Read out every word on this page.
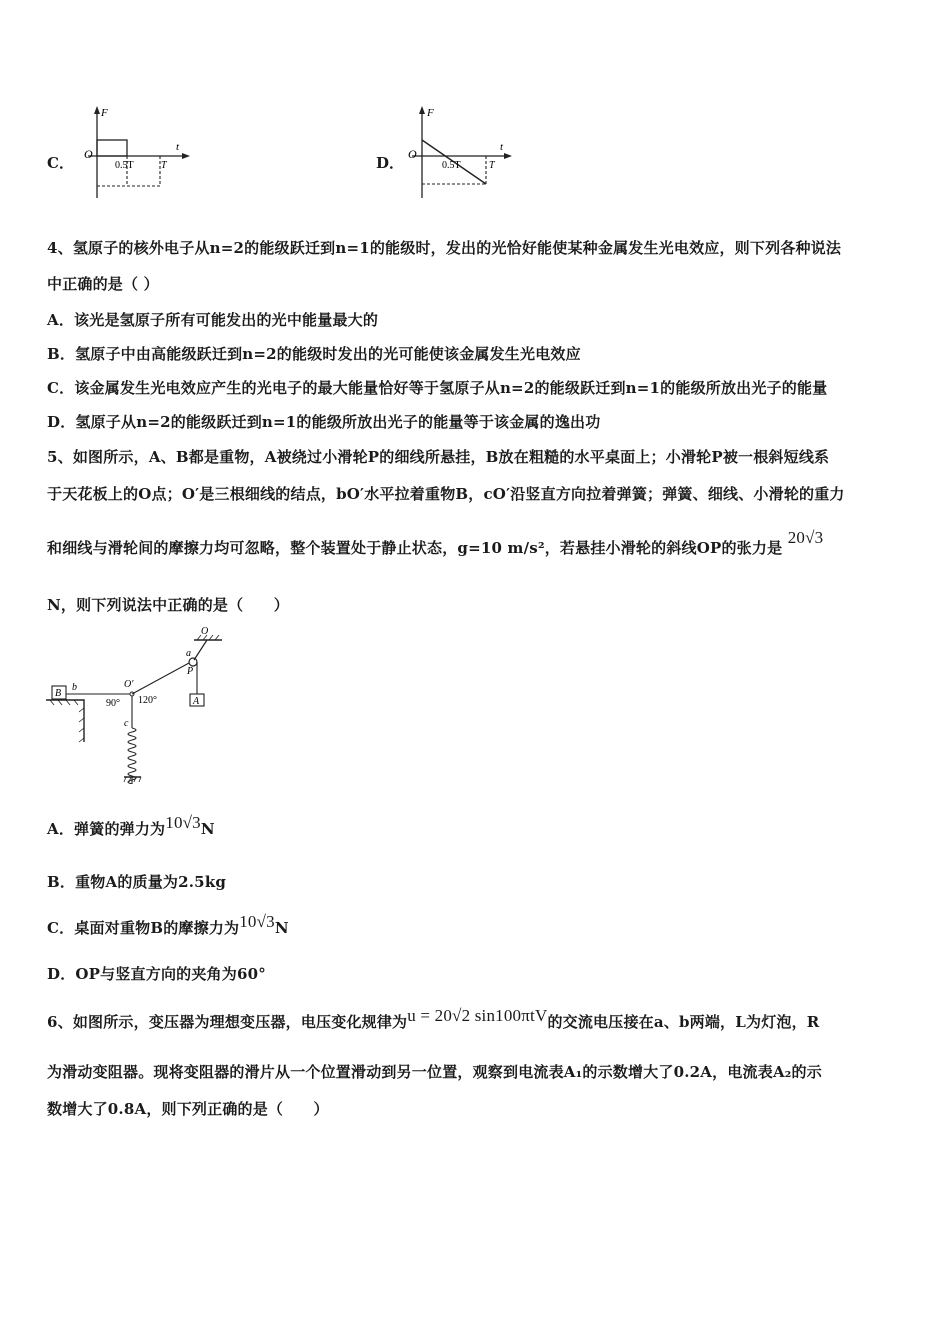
C．
F
t
O
0.5T	T	D．
F
t
O
0.5T	T
4、氢原子的核外电子从n=2的能级跃迁到n=1的能级时，发出的光恰好能使某种金属发生光电效应，则下列各种说法
中正确的是（ ）
A．该光是氢原子所有可能发出的光中能量最大的
B．氢原子中由高能级跃迁到n=2的能级时发出的光可能使该金属发生光电效应
C．该金属发生光电效应产生的光电子的最大能量恰好等于氢原子从n=2的能级跃迁到n=1的能级所放出光子的能量
D．氢原子从n=2的能级跃迁到n=1的能级所放出光子的能量等于该金属的逸出功
5、如图所示，A、B都是重物，A被绕过小滑轮P的细线所悬挂，B放在粗糙的水平桌面上；小滑轮P被一根斜短线系
于天花板上的O点；O′是三根细线的结点，bO′水平拉着重物B，cO′沿竖直方向拉着弹簧；弹簧、细线、小滑轮的重力
和细线与滑轮间的摩擦力均可忽略，整个装置处于静止状态，g=10 m/s²，若悬挂小滑轮的斜线OP的张力是 20√3
N，则下列说法中正确的是（　　）
O
a
P
A
O′
120°
90°
b
B
c
A．弹簧的弹力为10√3N
B．重物A的质量为2.5kg
C．桌面对重物B的摩擦力为10√3N
D．OP与竖直方向的夹角为60°
6、如图所示，变压器为理想变压器，电压变化规律为u = 20√2 sin100πtV的交流电压接在a、b两端，L为灯泡，R
为滑动变阻器。现将变阻器的滑片从一个位置滑动到另一位置，观察到电流表A₁的示数增大了0.2A，电流表A₂的示
数增大了0.8A，则下列正确的是（　　）
